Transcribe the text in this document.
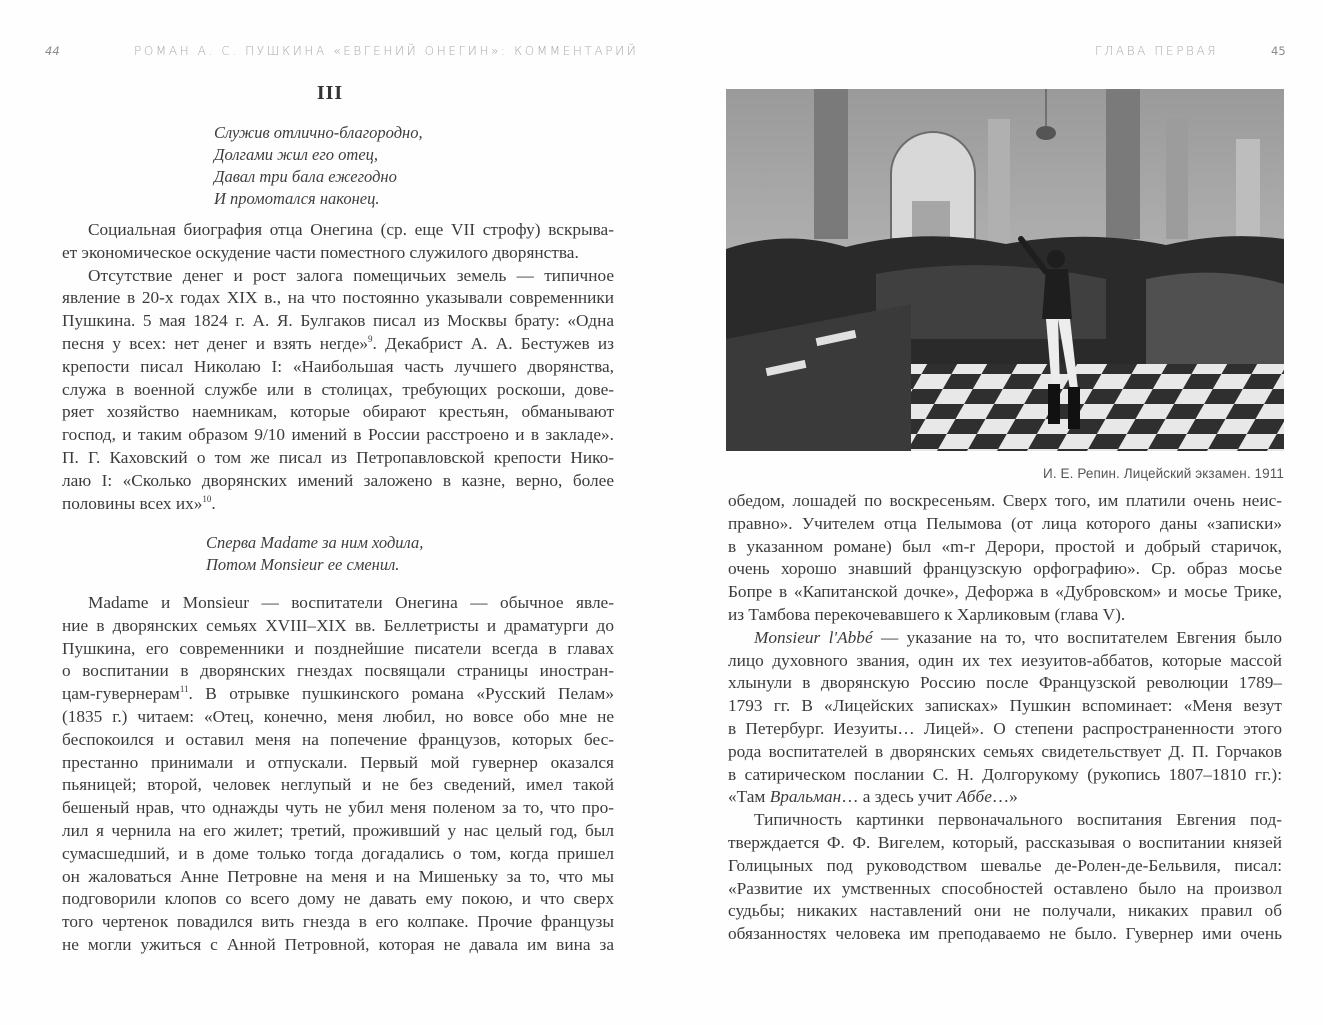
44	РОМАН А. С. ПУШКИНА «ЕВГЕНИЙ ОНЕГИН»: КОММЕНТАРИЙ
III
Служив отлично-благородно,
Долгами жил его отец,
Давал три бала ежегодно
И промотался наконец.
Социальная биография отца Онегина (ср. еще VII строфу) вскрыва-
ет экономическое оскудение части поместного служилого дворянства.
Отсутствие денег и рост залога помещичьих земель — типичное
явление в 20-х годах XIX в., на что постоянно указывали современники
Пушкина. 5 мая 1824 г. А. Я. Булгаков писал из Москвы брату: «Одна
песня у всех: нет денег и взять негде»$^9$. Декабрист А. А. Бестужев из
крепости писал Николаю I: «Наибольшая часть лучшего дворянства,
служа в военной службе или в столицах, требующих роскоши, дове-
ряет хозяйство наемникам, которые обирают крестьян, обманывают
господ, и таким образом 9/10 имений в России расстроено и в закладе».
П. Г. Каховский о том же писал из Петропавловской крепости Нико-
лаю I: «Сколько дворянских имений заложено в казне, верно, более
половины всех их»$^{10}$.
Сперва Madame за ним ходила,
Потом Monsieur ее сменил.
Madame и Monsieur — воспитатели Онегина — обычное явле-
ние в дворянских семьях XVIII–XIX вв. Беллетристы и драматурги до
Пушкина, его современники и позднейшие писатели всегда в главах
о воспитании в дворянских гнездах посвящали страницы иностран-
цам-гувернерам$^{11}$. В отрывке пушкинского романа «Русский Пелам»
(1835 г.) читаем: «Отец, конечно, меня любил, но вовсе обо мне не
беспокоился и оставил меня на попечение французов, которых бес-
престанно принимали и отпускали. Первый мой гувернер оказался
пьяницей; второй, человек неглупый и не без сведений, имел такой
бешеный нрав, что однажды чуть не убил меня поленом за то, что про-
лил я чернила на его жилет; третий, проживший у нас целый год, был
сумасшедший, и в доме только тогда догадались о том, когда пришел
он жаловаться Анне Петровне на меня и на Мишеньку за то, что мы
подговорили клопов со всего дому не давать ему покою, и что сверх
того чертенок повадился вить гнезда в его колпаке. Прочие французы
не могли ужиться с Анной Петровной, которая не давала им вина за
ГЛАВА ПЕРВАЯ	45
И. Е. Репин. Лицейский экзамен. 1911
обедом, лошадей по воскресеньям. Сверх того, им платили очень неис-
правно». Учителем отца Пелымова (от лица которого даны «записки»
в указанном романе) был «m-r Дерори, простой и добрый старичок,
очень хорошо знавший французскую орфографию». Ср. образ мосье
Бопре в «Капитанской дочке», Дефоржа в «Дубровском» и мосье Трике,
из Тамбова перекочевавшего к Харликовым (глава V).
Monsieur l'Abbé — указание на то, что воспитателем Евгения было
лицо духовного звания, один их тех иезуитов-аббатов, которые массой
хлынули в дворянскую Россию после Французской революции 1789–
1793 гг. В «Лицейских записках» Пушкин вспоминает: «Меня везут
в Петербург. Иезуиты… Лицей». О степени распространенности этого
рода воспитателей в дворянских семьях свидетельствует Д. П. Горчаков
в сатирическом послании С. Н. Долгорукому (рукопись 1807–1810 гг.):
«Там Вральман… а здесь учит Аббе…»
Типичность картинки первоначального воспитания Евгения под-
тверждается Ф. Ф. Вигелем, который, рассказывая о воспитании князей
Голицыных под руководством шевалье де-Ролен-де-Бельвиля, писал:
«Развитие их умственных способностей оставлено было на произвол
судьбы; никаких наставлений они не получали, никаких правил об
обязанностях человека им преподаваемо не было. Гувернер ими очень
